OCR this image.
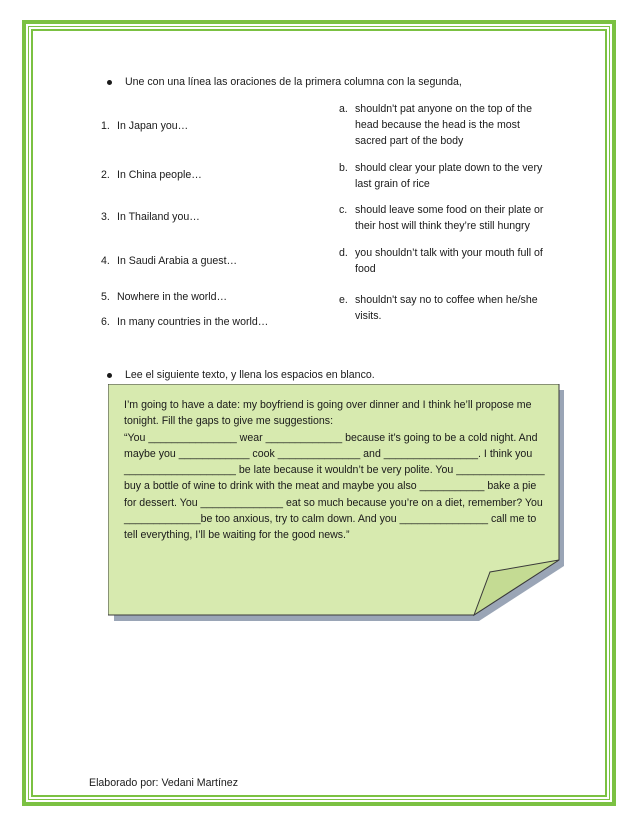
Une con una línea las oraciones de la primera columna con la segunda,
1. In Japan you…
2. In China people…
3. In Thailand you…
4. In Saudi Arabia a guest…
5. Nowhere in the world…
6. In many countries in the world…
a. shouldn't pat anyone on the top of the
head because the head is the most
sacred part of the body
b. should clear your plate down to the very
last grain of rice
c. should leave some food on their plate or
their host will think they’re still hungry
d. you shouldn’t talk with your mouth full of
food
e. shouldn't say no to coffee when he/she
visits.
Lee el siguiente texto, y llena los espacios en blanco.
I’m going to have a date: my boyfriend is going over dinner and I think he’ll propose me
tonight. Fill the gaps to give me suggestions:
“You _______________ wear _____________ because it’s going to be a cold night. And
maybe you ____________ cook ______________ and ________________. I think you
___________________ be late because it wouldn’t be very polite. You _______________
buy a bottle of wine to drink with the meat and maybe you also ___________ bake a pie
for dessert. You ______________ eat so much because you’re on a diet, remember? You
_____________be too anxious, try to calm down. And you _______________ call me to
tell everything, I’ll be waiting for the good news.”
Elaborado por: Vedani Martínez
